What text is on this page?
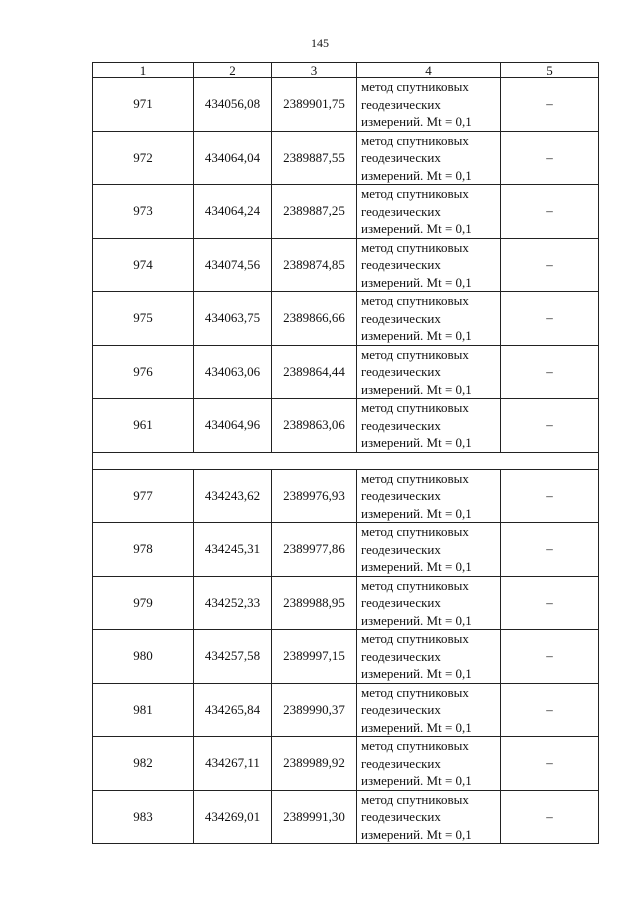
145
1	2	3	4	5
971	434056,08	2389901,75	метод спутниковых
геодезических
измерений. Mt = 0,1	–
972	434064,04	2389887,55	метод спутниковых
геодезических
измерений. Mt = 0,1	–
973	434064,24	2389887,25	метод спутниковых
геодезических
измерений. Mt = 0,1	–
974	434074,56	2389874,85	метод спутниковых
геодезических
измерений. Mt = 0,1	–
975	434063,75	2389866,66	метод спутниковых
геодезических
измерений. Mt = 0,1	–
976	434063,06	2389864,44	метод спутниковых
геодезических
измерений. Mt = 0,1	–
961	434064,96	2389863,06	метод спутниковых
геодезических
измерений. Mt = 0,1	–

977	434243,62	2389976,93	метод спутниковых
геодезических
измерений. Mt = 0,1	–
978	434245,31	2389977,86	метод спутниковых
геодезических
измерений. Mt = 0,1	–
979	434252,33	2389988,95	метод спутниковых
геодезических
измерений. Mt = 0,1	–
980	434257,58	2389997,15	метод спутниковых
геодезических
измерений. Mt = 0,1	–
981	434265,84	2389990,37	метод спутниковых
геодезических
измерений. Mt = 0,1	–
982	434267,11	2389989,92	метод спутниковых
геодезических
измерений. Mt = 0,1	–
983	434269,01	2389991,30	метод спутниковых
геодезических
измерений. Mt = 0,1	–
